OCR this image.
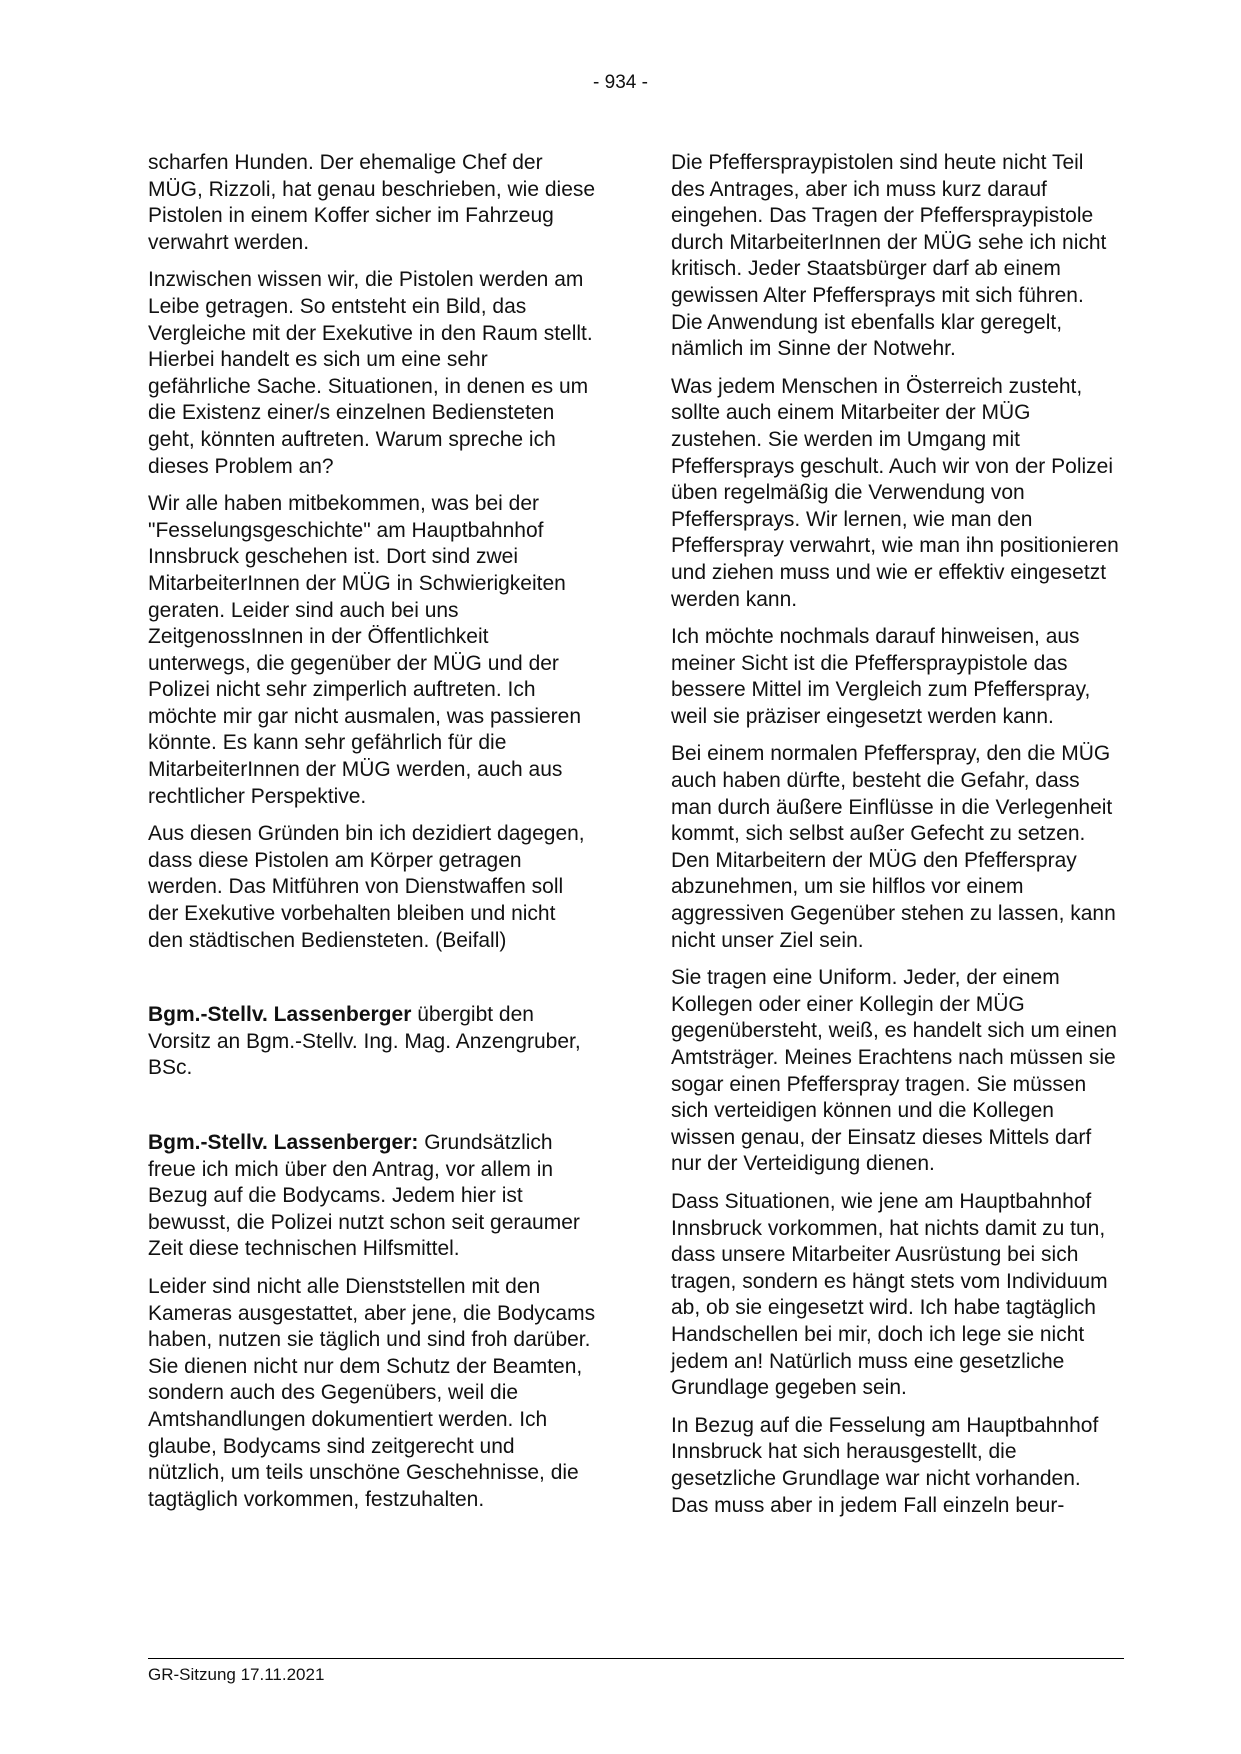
- 934 -

scharfen Hunden. Der ehemalige Chef der MÜG, Rizzoli, hat genau beschrieben, wie diese Pistolen in einem Koffer sicher im Fahrzeug verwahrt werden.

Inzwischen wissen wir, die Pistolen werden am Leibe getragen. So entsteht ein Bild, das Vergleiche mit der Exekutive in den Raum stellt. Hierbei handelt es sich um eine sehr gefährliche Sache. Situationen, in denen es um die Existenz einer/s einzelnen Bediensteten geht, könnten auftreten. Warum spreche ich dieses Problem an?

Wir alle haben mitbekommen, was bei der "Fesselungsgeschichte" am Hauptbahnhof Innsbruck geschehen ist. Dort sind zwei MitarbeiterInnen der MÜG in Schwierigkeiten geraten. Leider sind auch bei uns ZeitgenossInnen in der Öffentlichkeit unterwegs, die gegenüber der MÜG und der Polizei nicht sehr zimperlich auftreten. Ich möchte mir gar nicht ausmalen, was passieren könnte. Es kann sehr gefährlich für die MitarbeiterInnen der MÜG werden, auch aus rechtlicher Perspektive.

Aus diesen Gründen bin ich dezidiert dagegen, dass diese Pistolen am Körper getragen werden. Das Mitführen von Dienstwaffen soll der Exekutive vorbehalten bleiben und nicht den städtischen Bediensteten. (Beifall)

Bgm.-Stellv. Lassenberger übergibt den Vorsitz an Bgm.-Stellv. Ing. Mag. Anzengruber, BSc.

Bgm.-Stellv. Lassenberger: Grundsätzlich freue ich mich über den Antrag, vor allem in Bezug auf die Bodycams. Jedem hier ist bewusst, die Polizei nutzt schon seit geraumer Zeit diese technischen Hilfsmittel.

Leider sind nicht alle Dienststellen mit den Kameras ausgestattet, aber jene, die Bodycams haben, nutzen sie täglich und sind froh darüber. Sie dienen nicht nur dem Schutz der Beamten, sondern auch des Gegenübers, weil die Amtshandlungen dokumentiert werden. Ich glaube, Bodycams sind zeitgerecht und nützlich, um teils unschöne Geschehnisse, die tagtäglich vorkommen, festzuhalten.

Die Pfeffersprаypistolen sind heute nicht Teil des Antrages, aber ich muss kurz darauf eingehen. Das Tragen der Pfefferspraypistole durch MitarbeiterInnen der MÜG sehe ich nicht kritisch. Jeder Staatsbürger darf ab einem gewissen Alter Pfeffersprays mit sich führen. Die Anwendung ist ebenfalls klar geregelt, nämlich im Sinne der Notwehr.

Was jedem Menschen in Österreich zusteht, sollte auch einem Mitarbeiter der MÜG zustehen. Sie werden im Umgang mit Pfeffersprays geschult. Auch wir von der Polizei üben regelmäßig die Verwendung von Pfeffersprays. Wir lernen, wie man den Pfefferspray verwahrt, wie man ihn positionieren und ziehen muss und wie er effektiv eingesetzt werden kann.

Ich möchte nochmals darauf hinweisen, aus meiner Sicht ist die Pfefferspraypistole das bessere Mittel im Vergleich zum Pfefferspray, weil sie präziser eingesetzt werden kann.

Bei einem normalen Pfefferspray, den die MÜG auch haben dürfte, besteht die Gefahr, dass man durch äußere Einflüsse in die Verlegenheit kommt, sich selbst außer Gefecht zu setzen. Den Mitarbeitern der MÜG den Pfefferspray abzunehmen, um sie hilflos vor einem aggressiven Gegenüber stehen zu lassen, kann nicht unser Ziel sein.

Sie tragen eine Uniform. Jeder, der einem Kollegen oder einer Kollegin der MÜG gegenübersteht, weiß, es handelt sich um einen Amtsträger. Meines Erachtens nach müssen sie sogar einen Pfefferspray tragen. Sie müssen sich verteidigen können und die Kollegen wissen genau, der Einsatz dieses Mittels darf nur der Verteidigung dienen.

Dass Situationen, wie jene am Hauptbahnhof Innsbruck vorkommen, hat nichts damit zu tun, dass unsere Mitarbeiter Ausrüstung bei sich tragen, sondern es hängt stets vom Individuum ab, ob sie eingesetzt wird. Ich habe tagtäglich Handschellen bei mir, doch ich lege sie nicht jedem an! Natürlich muss eine gesetzliche Grundlage gegeben sein.

In Bezug auf die Fesselung am Hauptbahnhof Innsbruck hat sich herausgestellt, die gesetzliche Grundlage war nicht vorhanden. Das muss aber in jedem Fall einzeln beur-

GR-Sitzung 17.11.2021
